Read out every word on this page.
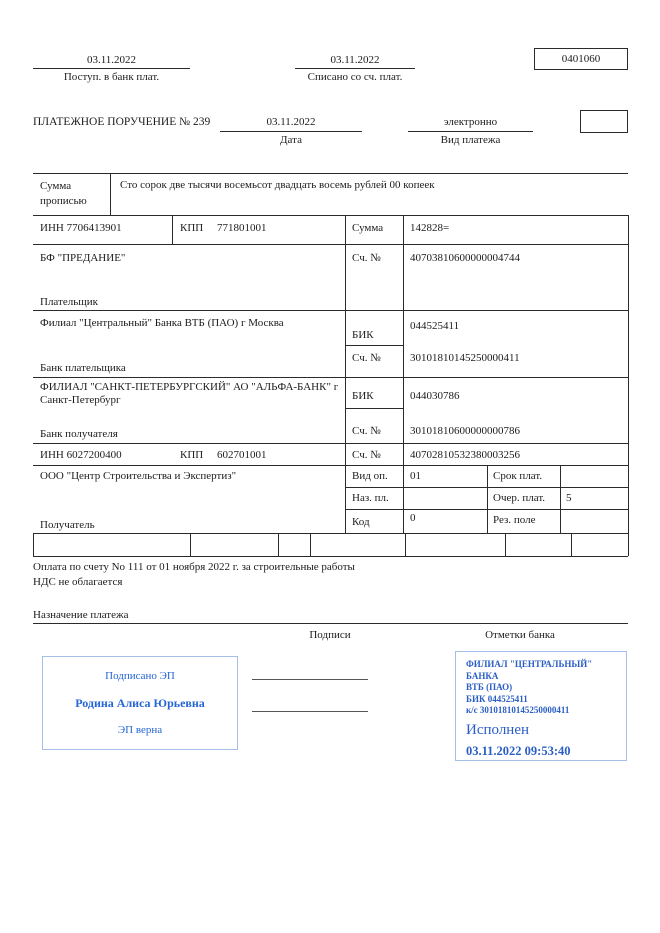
03.11.2022
Поступ. в банк плат.
03.11.2022
Списано со сч. плат.
0401060
ПЛАТЕЖНОЕ ПОРУЧЕНИЕ № 239	03.11.2022
Дата
электронно
Вид платежа
Сумма прописью
Сто сорок две тысячи восемьсот двадцать восемь рублей 00 копеек
ИНН 7706413901	КПП 771801001	Сумма 142828=
БФ "ПРЕДАНИЕ"
Плательщик
Сч. №	40703810600000004744
Филиал "Центральный" Банка ВТБ (ПАО) г Москва
Банк плательщика
БИК
044525411
Сч. №	30101810145250000411
ФИЛИАЛ "САНКТ-ПЕТЕРБУРГСКИЙ" АО "АЛЬФА-БАНК" г Санкт-Петербург
Банк получателя
БИК	044030786
Сч. №	30101810600000000786
ИНН 6027200400	КПП 602701001	Сч. №	40702810532380003256
ООО "Центр Строительства и Экспертиз"
Получатель
Вид оп. 01	Срок плат.
Наз. пл.	Очер. плат. 5
Код	0	Рез. поле
Оплата по счету No 111 от 01 ноября 2022 г. за строительные работы
НДС не облагается
Назначение платежа
Подписи	Отметки банка
Подписано ЭП
Родина Алиса Юрьевна
ЭП верна
ФИЛИАЛ "ЦЕНТРАЛЬНЫЙ" БАНКА
ВТБ (ПАО)
БИК 044525411
к/с 30101810145250000411
Исполнен
03.11.2022 09:53:40
